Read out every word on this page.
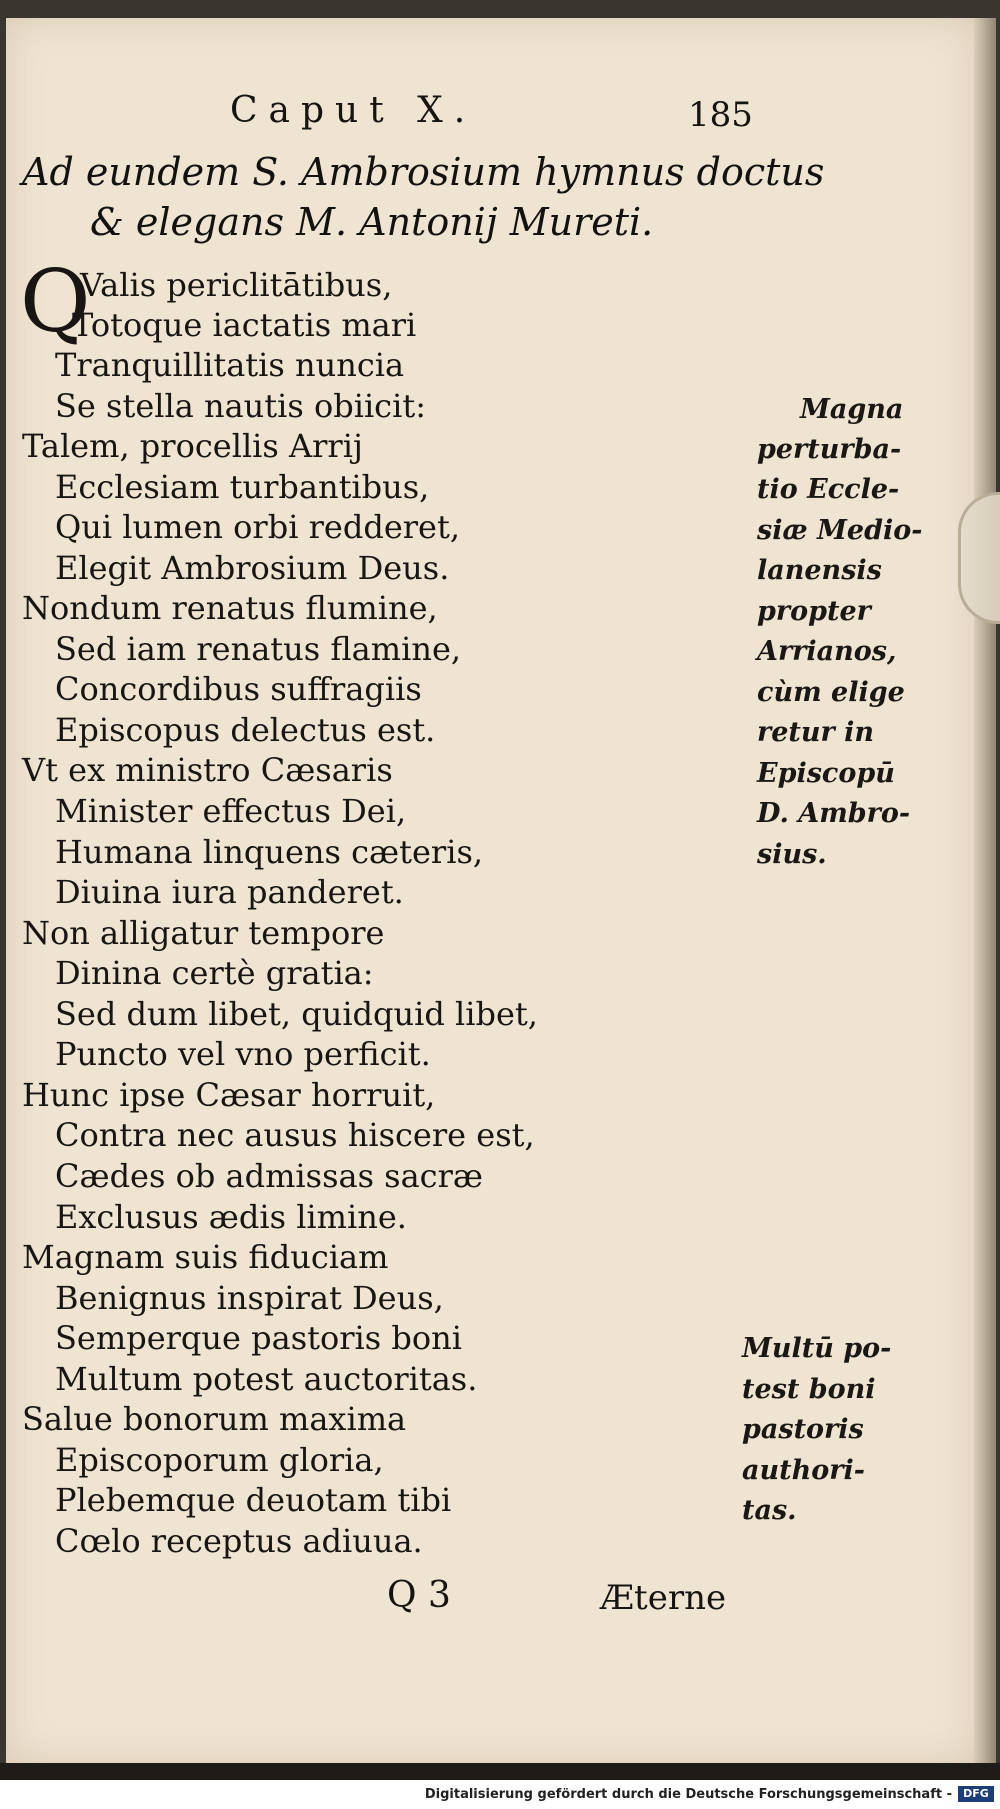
Caput X.	185
Ad eundem S. Ambrosium hymnus doctus
& elegans M. Antonij Mureti.
Q
Valis periclitātibus,
Totoque iactatis mari
Tranquillitatis nuncia
Se stella nautis obiicit:
Talem, procellis Arrij
Ecclesiam turbantibus,
Qui lumen orbi redderet,
Elegit Ambrosium Deus.
Nondum renatus flumine,
Sed iam renatus flamine,
Concordibus suffragiis
Episcopus delectus est.
Vt ex ministro Cæsaris
Minister effectus Dei,
Humana linquens cæteris,
Diuina iura panderet.
Non alligatur tempore
Dinina certè gratia:
Sed dum libet, quidquid libet,
Puncto vel vno perficit.
Hunc ipse Cæsar horruit,
Contra nec ausus hiscere est,
Cædes ob admissas sacræ
Exclusus ædis limine.
Magnam suis fiduciam
Benignus inspirat Deus,
Semperque pastoris boni
Multum potest auctoritas.
Salue bonorum maxima
Episcoporum gloria,
Plebemque deuotam tibi
Cœlo receptus adiuua.
Magna
perturba-
tio Eccle-
siæ Medio-
lanensis
propter
Arrianos,
cùm elige
retur in
Episcopū
D. Ambro-
sius.
Multū po-
test boni
pastoris
authori-
tas.
Q 3	Æterne
Digitalisierung gefördert durch die Deutsche Forschungsgemeinschaft -	DFG
